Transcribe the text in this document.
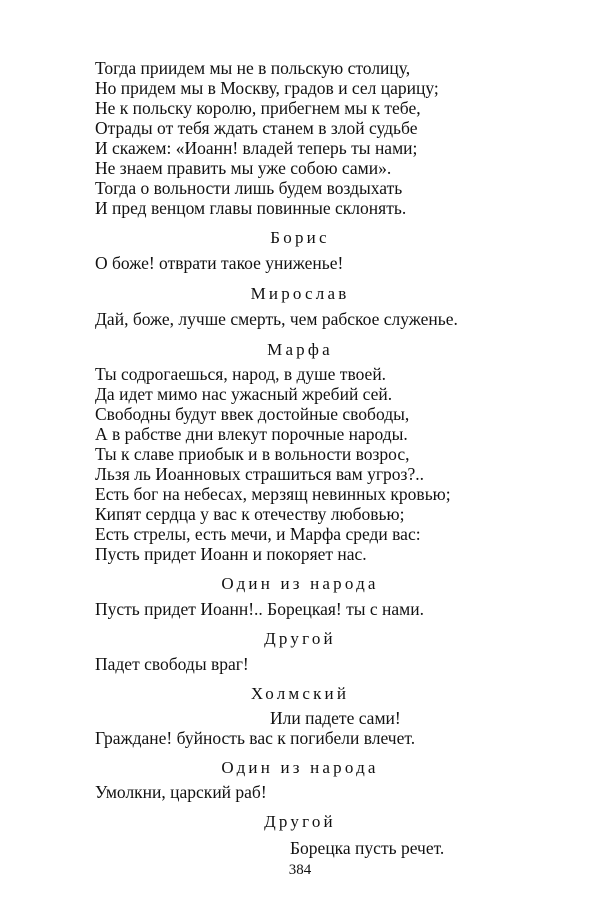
Тогда приидем мы не в польскую столицу,
Но придем мы в Москву, градов и сел царицу;
Не к польску королю, прибегнем мы к тебе,
Отрады от тебя ждать станем в злой судьбе
И скажем: «Иоанн! владей теперь ты нами;
Не знаем править мы уже собою сами».
Тогда о вольности лишь будем воздыхать
И пред венцом главы повинные склонять.
Борис
О боже! отврати такое униженье!
Мирослав
Дай, боже, лучше смерть, чем рабское служенье.
Марфа
Ты содрогаешься, народ, в душе твоей.
Да идет мимо нас ужасный жребий сей.
Свободны будут ввек достойные свободы,
А в рабстве дни влекут порочные народы.
Ты к славе приобык и в вольности возрос,
Льзя ль Иоанновых страшиться вам угроз?..
Есть бог на небесах, мерзящ невинных кровью;
Кипят сердца у вас к отечеству любовью;
Есть стрелы, есть мечи, и Марфа среди вас:
Пусть придет Иоанн и покоряет нас.
Один из народа
Пусть придет Иоанн!.. Борецкая! ты с нами.
Другой
Падет свободы враг!
Холмский
Или падете сами!
Граждане! буйность вас к погибели влечет.
Один из народа
Умолкни, царский раб!
Другой
Борецка пусть речет.
384
